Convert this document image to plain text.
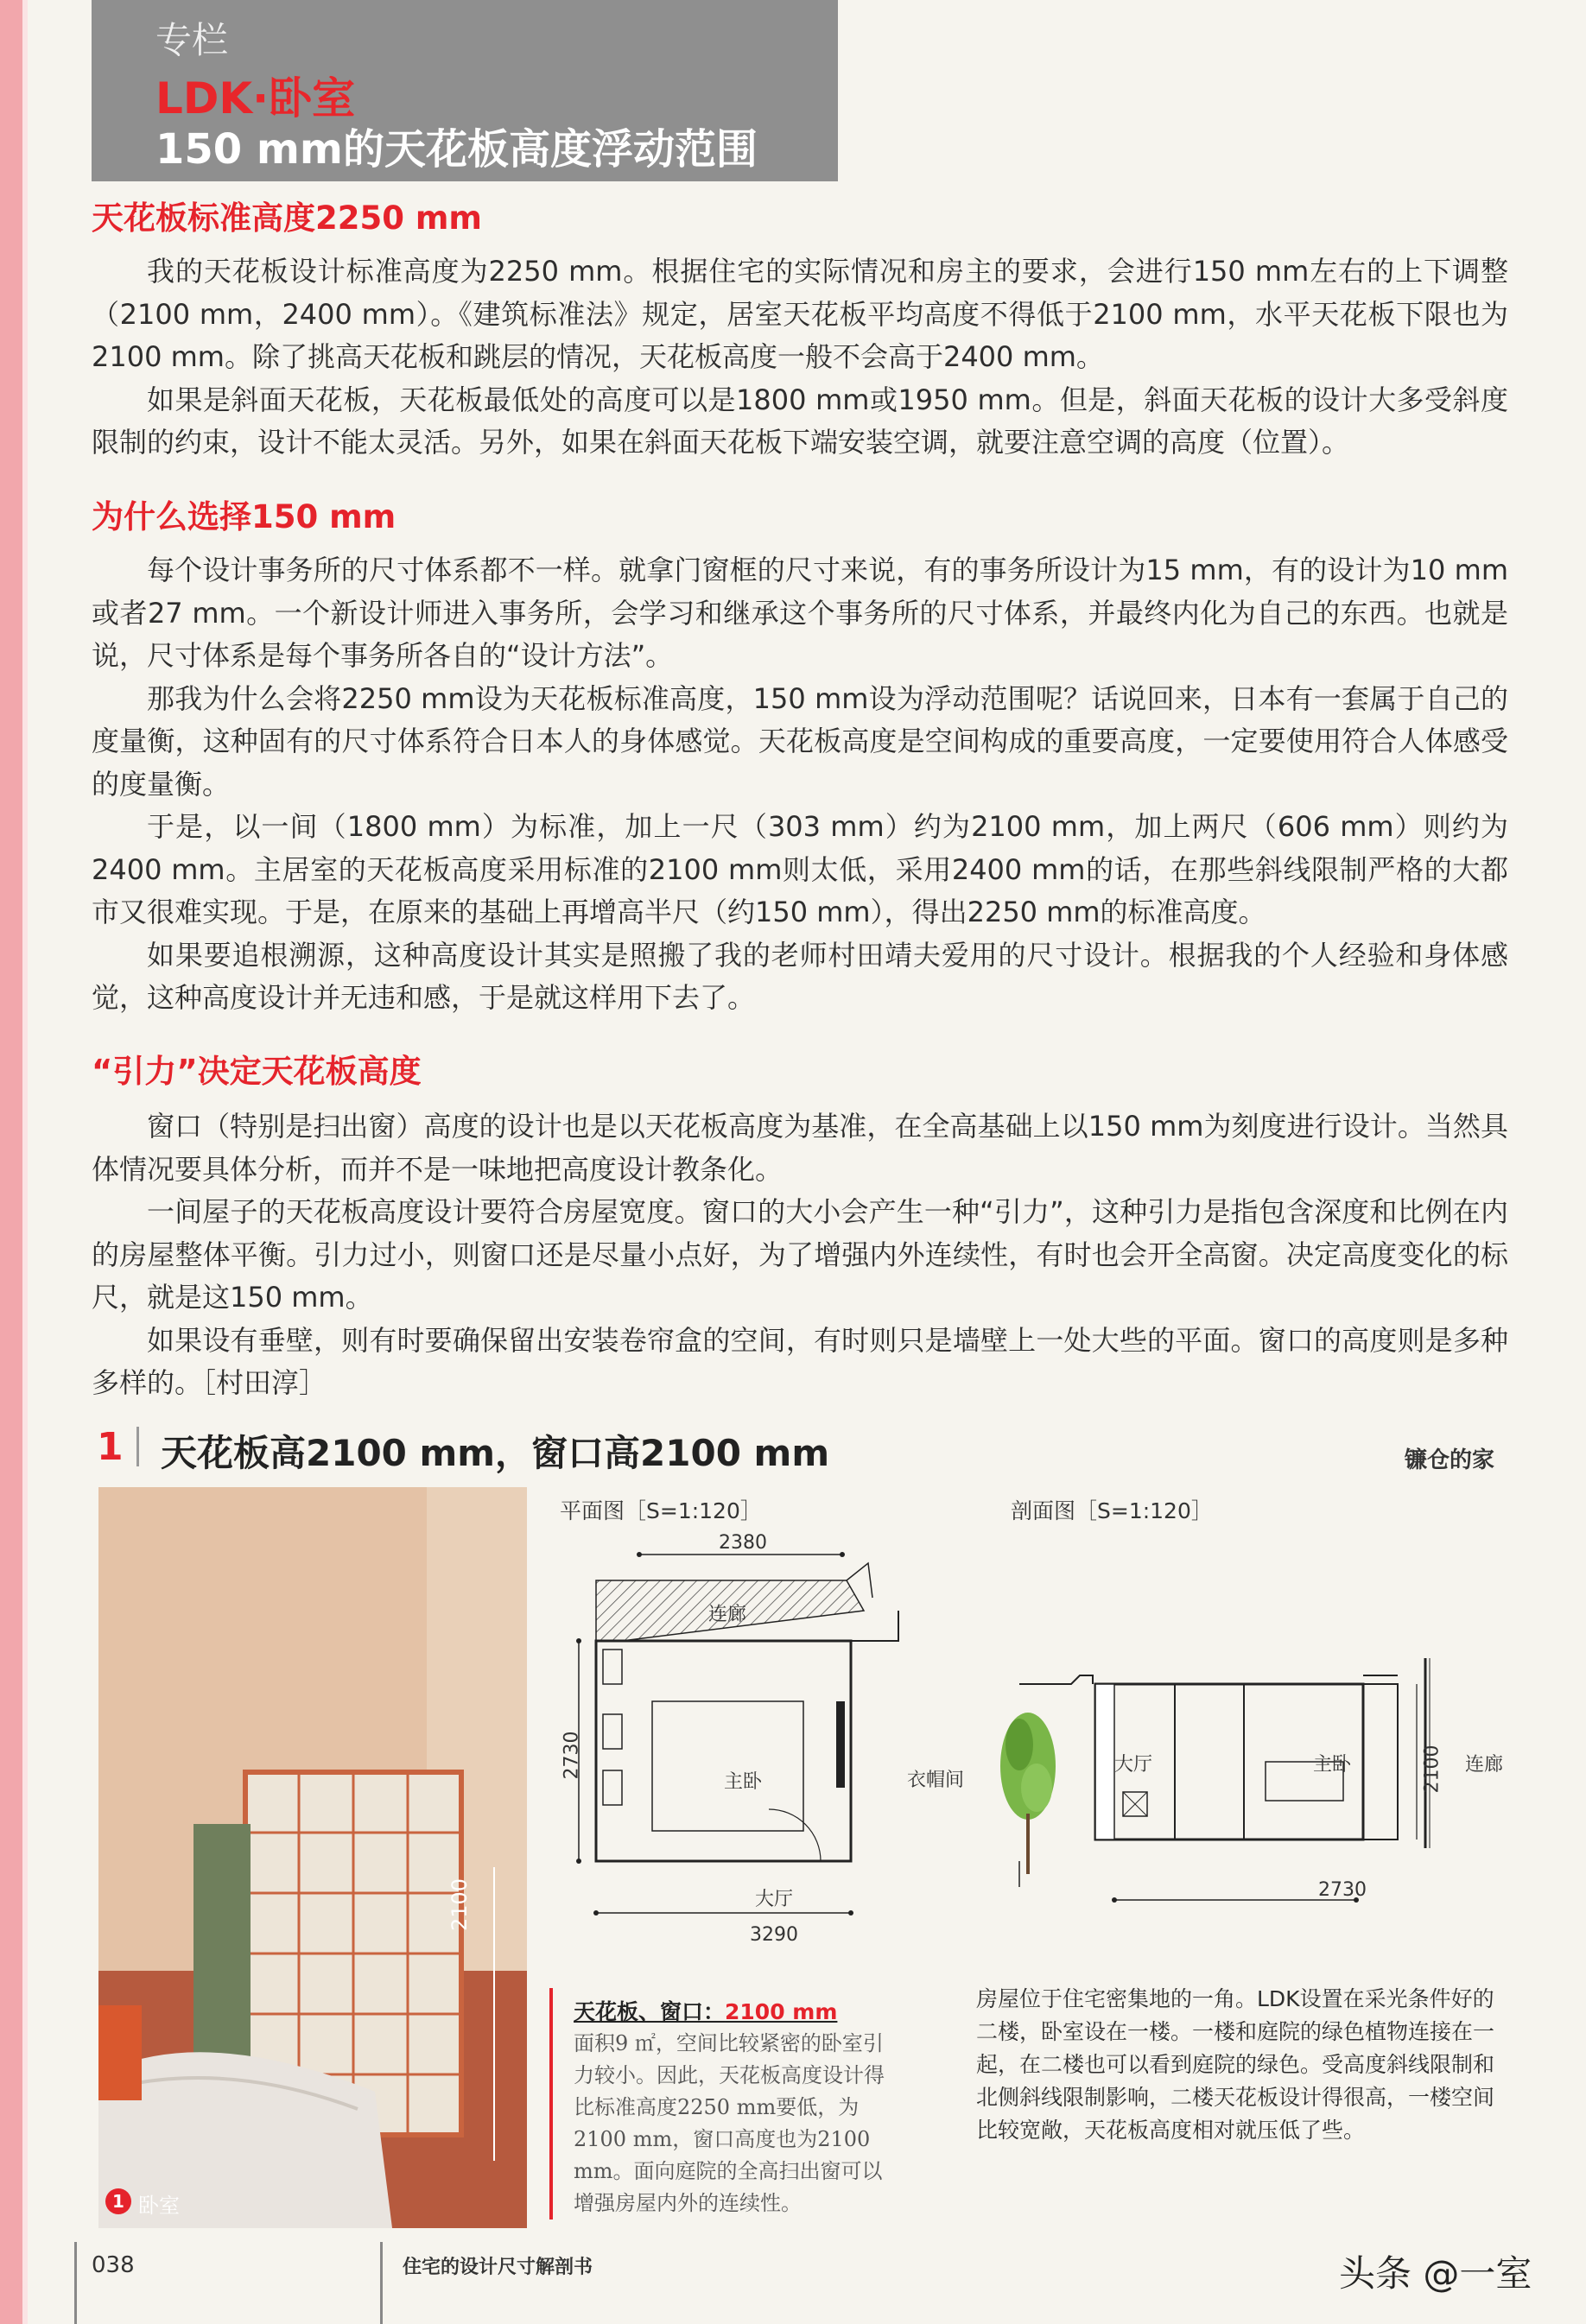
专栏
LDK·卧室
150 mm的天花板高度浮动范围
天花板标准高度2250 mm

我的天花板设计标准高度为2250 mm。根据住宅的实际情况和房主的要求，会进行150 mm左右的上下调整（2100 mm，2400 mm）。《建筑标准法》规定，居室天花板平均高度不得低于2100 mm，水平天花板下限也为2100 mm。除了挑高天花板和跳层的情况，天花板高度一般不会高于2400 mm。

如果是斜面天花板，天花板最低处的高度可以是1800 mm或1950 mm。但是，斜面天花板的设计大多受斜度限制的约束，设计不能太灵活。另外，如果在斜面天花板下端安装空调，就要注意空调的高度（位置）。

为什么选择150 mm

每个设计事务所的尺寸体系都不一样。就拿门窗框的尺寸来说，有的事务所设计为15 mm，有的设计为10 mm或者27 mm。一个新设计师进入事务所，会学习和继承这个事务所的尺寸体系，并最终内化为自己的东西。也就是说，尺寸体系是每个事务所各自的“设计方法”。

那我为什么会将2250 mm设为天花板标准高度，150 mm设为浮动范围呢？话说回来，日本有一套属于自己的度量衡，这种固有的尺寸体系符合日本人的身体感觉。天花板高度是空间构成的重要高度，一定要使用符合人体感受的度量衡。

于是，以一间（1800 mm）为标准，加上一尺（303 mm）约为2100 mm，加上两尺（606 mm）则约为2400 mm。主居室的天花板高度采用标准的2100 mm则太低，采用2400 mm的话，在那些斜线限制严格的大都市又很难实现。于是，在原来的基础上再增高半尺（约150 mm），得出2250 mm的标准高度。

如果要追根溯源，这种高度设计其实是照搬了我的老师村田靖夫爱用的尺寸设计。根据我的个人经验和身体感觉，这种高度设计并无违和感，于是就这样用下去了。

“引力”决定天花板高度

窗口（特别是扫出窗）高度的设计也是以天花板高度为基准，在全高基础上以150 mm为刻度进行设计。当然具体情况要具体分析，而并不是一味地把高度设计教条化。

一间屋子的天花板高度设计要符合房屋宽度。窗口的大小会产生一种“引力”，这种引力是指包含深度和比例在内的房屋整体平衡。引力过小，则窗口还是尽量小点好，为了增强内外连续性，有时也会开全高窗。决定高度变化的标尺，就是这150 mm。

如果设有垂壁，则有时要确保留出安装卷帘盒的空间，有时则只是墙壁上一处大些的平面。窗口的高度则是多种多样的。［村田淳］

1 天花板高2100 mm，窗口高2100 mm	镰仓的家
2100
1 卧室
平面图［S=1:120］
2380
连廊
2730
主卧	衣帽间
大厅
3290
剖面图［S=1:120］
大厅	主卧	2100 连廊
2730
天花板、窗口：2100 mm
面积9 ㎡，空间比较紧密的卧室引力较小。因此，天花板高度设计得比标准高度2250 mm要低，为2100 mm，窗口高度也为2100 mm。面向庭院的全高扫出窗可以增强房屋内外的连续性。
房屋位于住宅密集地的一角。LDK设置在采光条件好的二楼，卧室设在一楼。一楼和庭院的绿色植物连接在一起，在二楼也可以看到庭院的绿色。受高度斜线限制和北侧斜线限制影响，二楼天花板设计得很高，一楼空间比较宽敞，天花板高度相对就压低了些。
038	住宅的设计尺寸解剖书	头条 @一室
